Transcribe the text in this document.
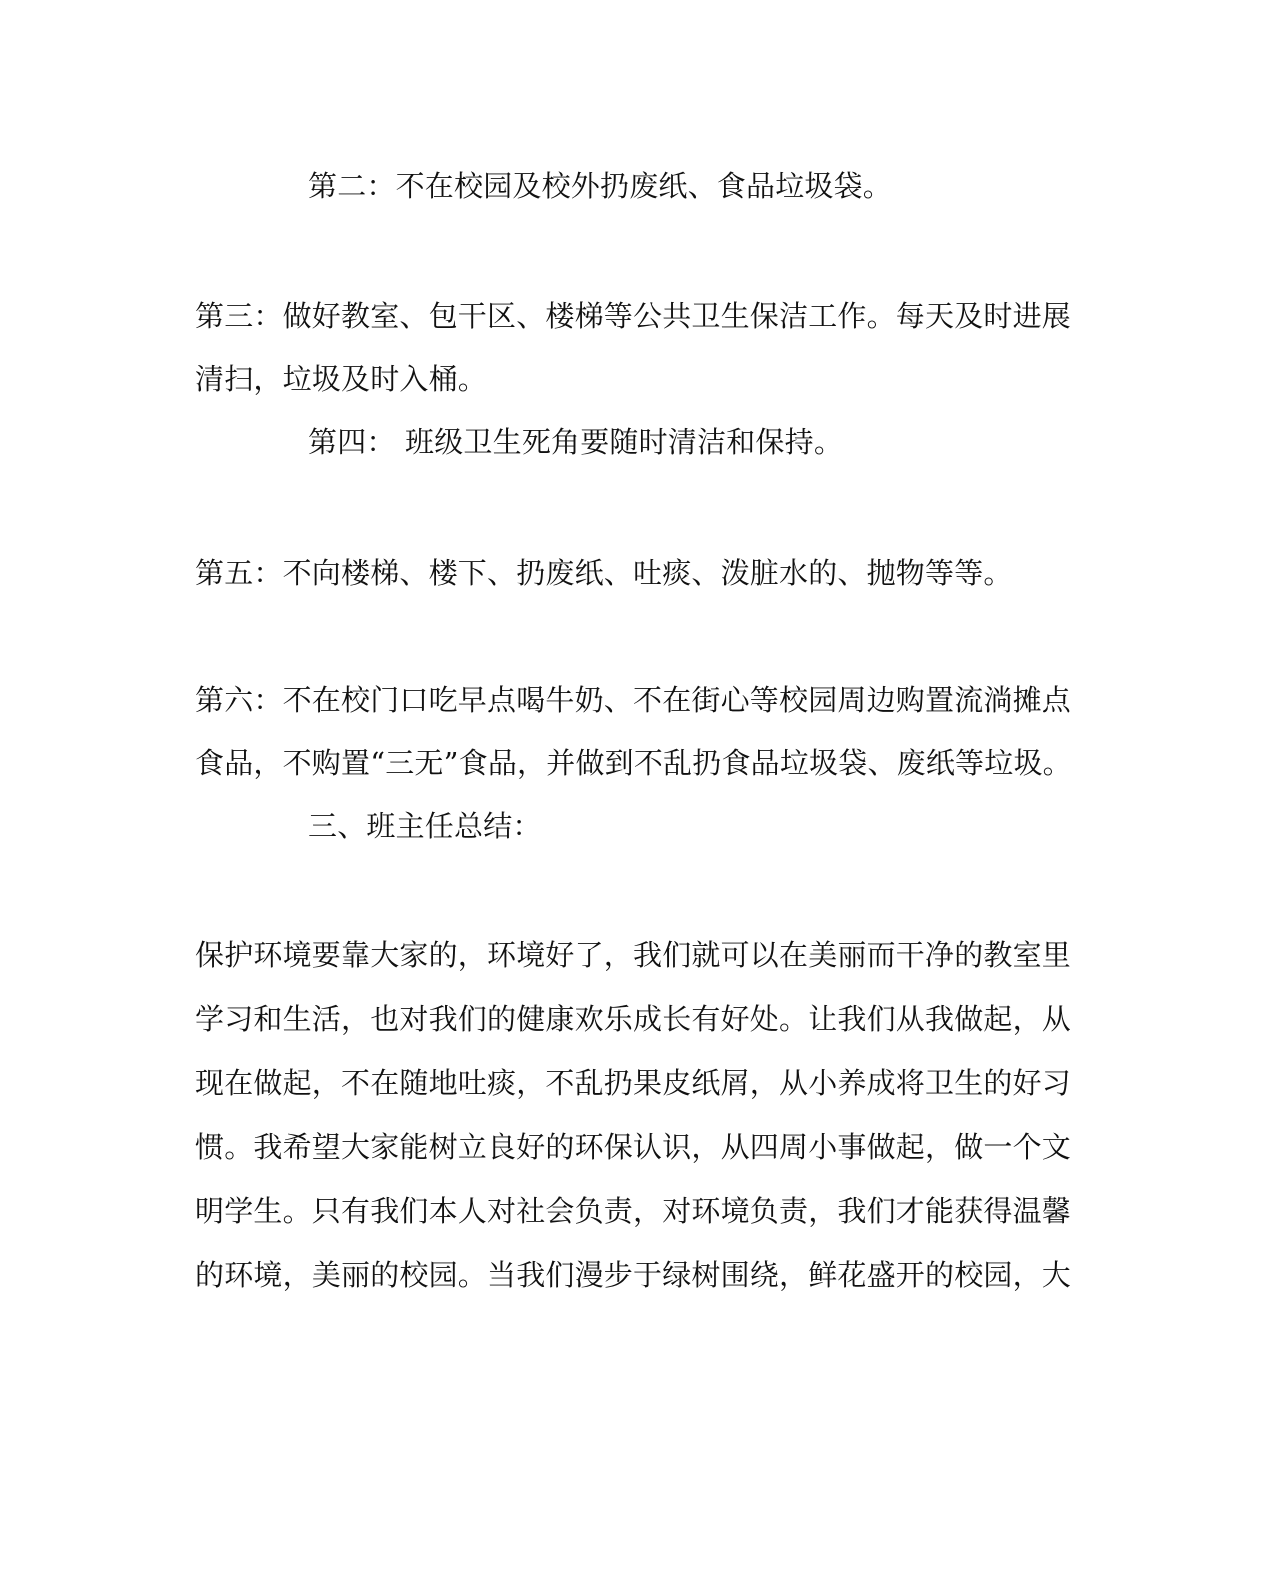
第二：不在校园及校外扔废纸、食品垃圾袋。
第三：做好教室、包干区、楼梯等公共卫生保洁工作。每天及时进展
清扫，垃圾及时入桶。
第四： 班级卫生死角要随时清洁和保持。
第五：不向楼梯、楼下、扔废纸、吐痰、泼脏水的、抛物等等。
第六：不在校门口吃早点喝牛奶、不在街心等校园周边购置流淌摊点
食品，不购置“三无”食品，并做到不乱扔食品垃圾袋、废纸等垃圾。
三、班主任总结：
保护环境要靠大家的，环境好了，我们就可以在美丽而干净的教室里
学习和生活，也对我们的健康欢乐成长有好处。让我们从我做起，从
现在做起，不在随地吐痰，不乱扔果皮纸屑，从小养成将卫生的好习
惯。我希望大家能树立良好的环保认识，从四周小事做起，做一个文
明学生。只有我们本人对社会负责，对环境负责，我们才能获得温馨
的环境，美丽的校园。当我们漫步于绿树围绕，鲜花盛开的校园，大
